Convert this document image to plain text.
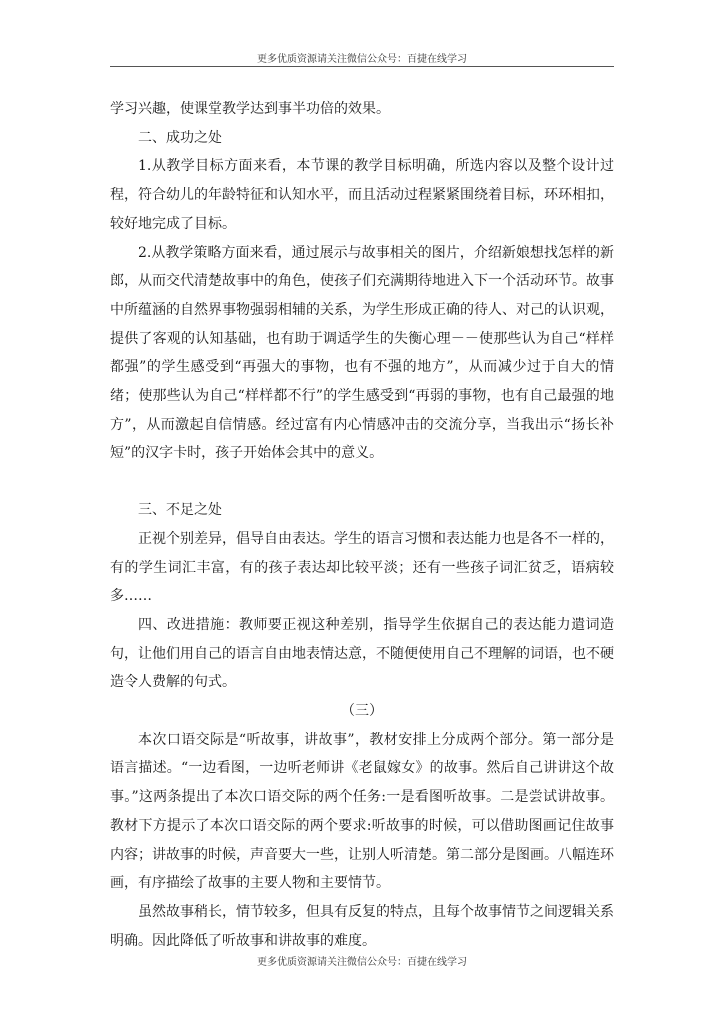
更多优质资源请关注微信公众号：百捷在线学习

学习兴趣，使课堂教学达到事半功倍的效果。

二、成功之处

1.从教学目标方面来看，本节课的教学目标明确，所选内容以及整个设计过程，符合幼儿的年龄特征和认知水平，而且活动过程紧紧围绕着目标，环环相扣，较好地完成了目标。

2.从教学策略方面来看，通过展示与故事相关的图片，介绍新娘想找怎样的新郎，从而交代清楚故事中的角色，使孩子们充满期待地进入下一个活动环节。故事中所蕴涵的自然界事物强弱相辅的关系，为学生形成正确的待人、对己的认识观，提供了客观的认知基础，也有助于调适学生的失衡心理－－使那些认为自己“样样都强”的学生感受到“再强大的事物，也有不强的地方”，从而减少过于自大的情绪；使那些认为自己“样样都不行”的学生感受到“再弱的事物，也有自己最强的地方”，从而激起自信情感。经过富有内心情感冲击的交流分享，当我出示“扬长补短”的汉字卡时，孩子开始体会其中的意义。

三、不足之处

正视个别差异，倡导自由表达。学生的语言习惯和表达能力也是各不一样的，有的学生词汇丰富，有的孩子表达却比较平淡；还有一些孩子词汇贫乏，语病较多……

四、改进措施：教师要正视这种差别，指导学生依据自己的表达能力遣词造句，让他们用自己的语言自由地表情达意，不随便使用自己不理解的词语，也不硬造令人费解的句式。

（三）

本次口语交际是“听故事，讲故事”，教材安排上分成两个部分。第一部分是语言描述。“一边看图，一边听老师讲《老鼠嫁女》的故事。然后自己讲讲这个故事。”这两条提出了本次口语交际的两个任务:一是看图听故事。二是尝试讲故事。教材下方提示了本次口语交际的两个要求:听故事的时候，可以借助图画记住故事内容；讲故事的时候，声音要大一些，让别人听清楚。第二部分是图画。八幅连环画，有序描绘了故事的主要人物和主要情节。

虽然故事稍长，情节较多，但具有反复的特点，且每个故事情节之间逻辑关系明确。因此降低了听故事和讲故事的难度。

更多优质资源请关注微信公众号：百捷在线学习
